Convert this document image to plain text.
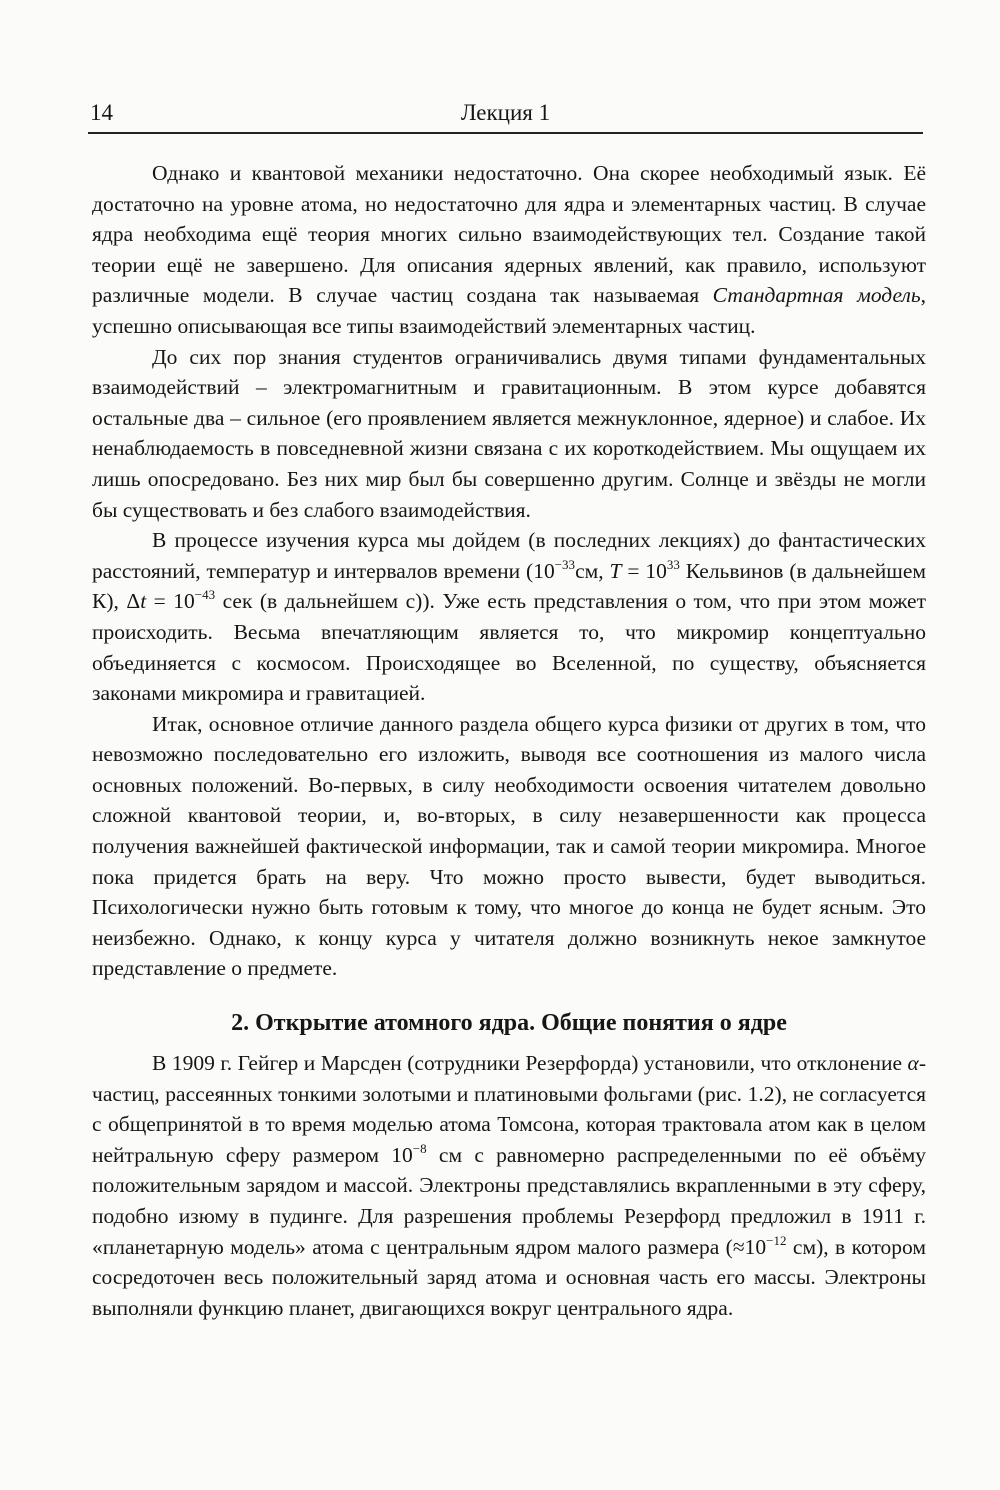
14	Лекция 1

Однако и квантовой механики недостаточно. Она скорее необходимый язык. Её достаточно на уровне атома, но недостаточно для ядра и элементарных частиц. В случае ядра необходима ещё теория многих сильно взаимодействующих тел. Создание такой теории ещё не завершено. Для описания ядерных явлений, как правило, используют различные модели. В случае частиц создана так называемая Стандартная модель, успешно описывающая все типы взаимодействий элементарных частиц.

До сих пор знания студентов ограничивались двумя типами фундаментальных взаимодействий – электромагнитным и гравитационным. В этом курсе добавятся остальные два – сильное (его проявлением является межнуклонное, ядерное) и слабое. Их ненаблюдаемость в повседневной жизни связана с их короткодействием. Мы ощущаем их лишь опосредовано. Без них мир был бы совершенно другим. Солнце и звёзды не могли бы существовать и без слабого взаимодействия.

В процессе изучения курса мы дойдем (в последних лекциях) до фантастических расстояний, температур и интервалов времени ($10^{-33}см$, $T = 10^{33}$ Кельвинов (в дальнейшем К), $\Delta t = 10^{-43}$ сек (в дальнейшем с)). Уже есть представления о том, что при этом может происходить. Весьма впечатляющим является то, что микромир концептуально объединяется с космосом. Происходящее во Вселенной, по существу, объясняется законами микромира и гравитацией.

Итак, основное отличие данного раздела общего курса физики от других в том, что невозможно последовательно его изложить, выводя все соотношения из малого числа основных положений. Во-первых, в силу необходимости освоения читателем довольно сложной квантовой теории, и, во-вторых, в силу незавершенности как процесса получения важнейшей фактической информации, так и самой теории микромира. Многое пока придется брать на веру. Что можно просто вывести, будет выводиться. Психологически нужно быть готовым к тому, что многое до конца не будет ясным. Это неизбежно. Однако, к концу курса у читателя должно возникнуть некое замкнутое представление о предмете.

2. Открытие атомного ядра. Общие понятия о ядре

В 1909 г. Гейгер и Марсден (сотрудники Резерфорда) установили, что отклонение α-частиц, рассеянных тонкими золотыми и платиновыми фольгами (рис. 1.2), не согласуется с общепринятой в то время моделью атома Томсона, которая трактовала атом как в целом нейтральную сферу размером $10^{-8}$ см с равномерно распределенными по её объёму положительным зарядом и массой. Электроны представлялись вкрапленными в эту сферу, подобно изюму в пудинге. Для разрешения проблемы Резерфорд предложил в 1911 г. «планетарную модель» атома с центральным ядром малого размера ($\approx 10^{-12}$ см), в котором сосредоточен весь положительный заряд атома и основная часть его массы. Электроны выполняли функцию планет, двигающихся вокруг центрального ядра.
